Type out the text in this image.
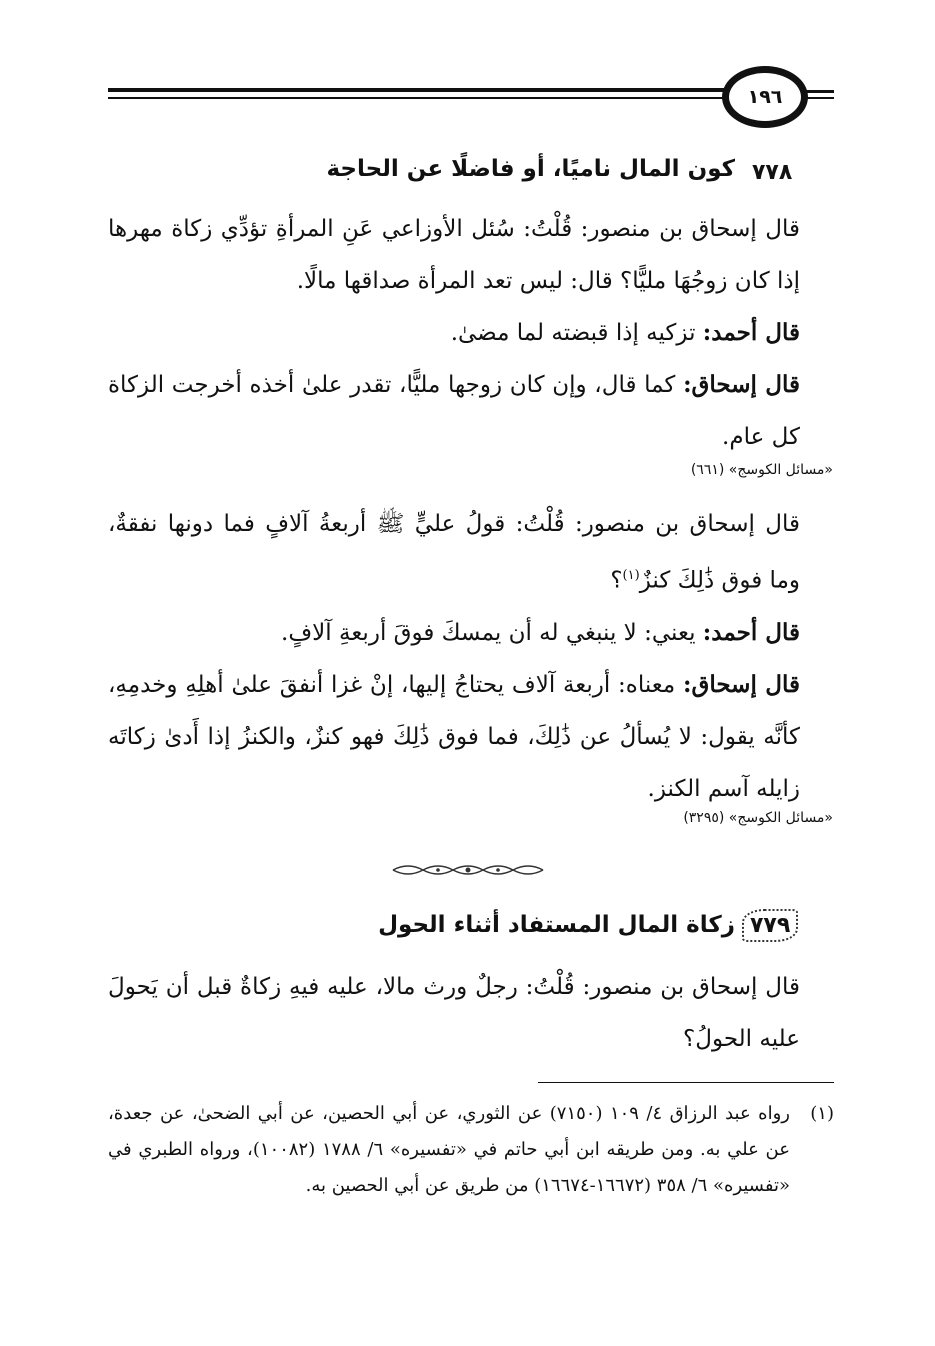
١٩٦
٧٧٨
كون المال ناميًا، أو فاضلًا عن الحاجة

قال إسحاق بن منصور: قُلْتُ: سُئل الأوزاعي عَنِ المرأةِ تؤدِّي زكاة مهرها إذا كان زوجُهَا مليًّا؟ قال: ليس تعد المرأة صداقها مالًا.

قال أحمد: تزكيه إذا قبضته لما مضىٰ.

قال إسحاق: كما قال، وإن كان زوجها مليًّا، تقدر علىٰ أخذه أخرجت الزكاة كل عام.

«مسائل الكوسج» (٦٦١)

قال إسحاق بن منصور: قُلْتُ: قولُ عليٍّ ﷺ أربعةُ آلافٍ فما دونها نفقةٌ، وما فوق ذَٰلِكَ كنزٌ$^{(١)}$؟

قال أحمد: يعني: لا ينبغي له أن يمسكَ فوقَ أربعةِ آلافٍ.

قال إسحاق: معناه: أربعة آلاف يحتاجُ إليها، إنْ غزا أنفقَ علىٰ أهلِهِ وخدمِهِ، كأنَّه يقول: لا يُسألُ عن ذَٰلِكَ، فما فوق ذَٰلِكَ فهو كنزٌ، والكنزُ إذا أَدىٰ زكاتَه زايله آسم الكنز.

«مسائل الكوسج» (٣٢٩٥)
٧٧٩
زكاة المال المستفاد أثناء الحول

قال إسحاق بن منصور: قُلْتُ: رجلٌ ورث مالا، عليه فيهِ زكاةٌ قبل أن يَحولَ عليه الحولُ؟

(١)
رواه عبد الرزاق ٤/ ١٠٩ (٧١٥٠) عن الثوري، عن أبي الحصين، عن أبي الضحىٰ، عن جعدة، عن علي به. ومن طريقه ابن أبي حاتم في «تفسيره» ٦/ ١٧٨٨ (١٠٠٨٢)، ورواه الطبري في «تفسيره» ٦/ ٣٥٨ (١٦٦٧٢-١٦٦٧٤) من طريق عن أبي الحصين به.
